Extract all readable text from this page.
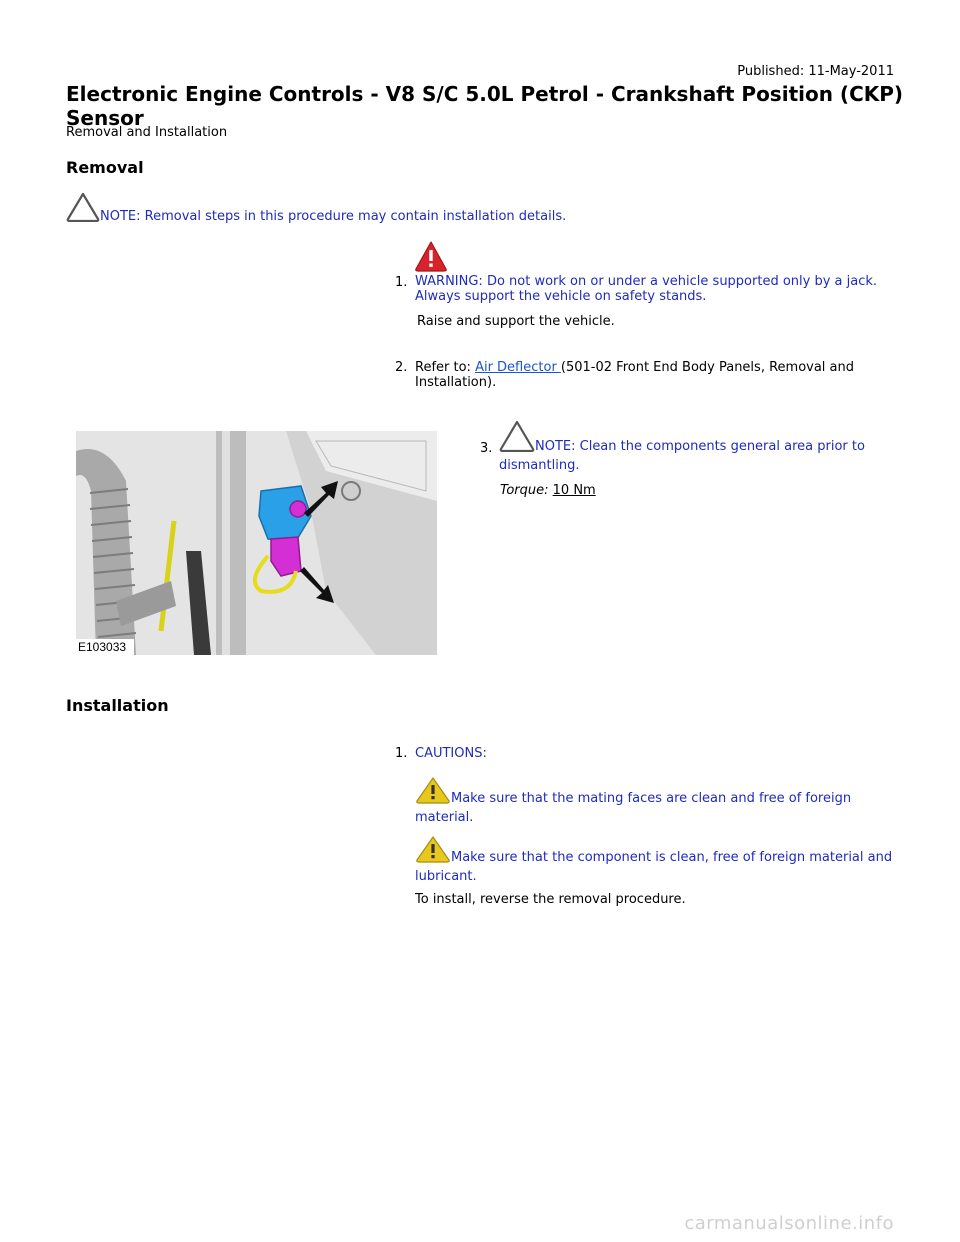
Published: 11-May-2011
Electronic Engine Controls - V8 S/C 5.0L Petrol - Crankshaft Position (CKP) Sensor
Removal and Installation
Removal
NOTE: Removal steps in this procedure may contain installation details.
1. WARNING: Do not work on or under a vehicle supported only by a jack. Always support the vehicle on safety stands.
Raise and support the vehicle.
2. Refer to: Air Deflector (501-02 Front End Body Panels, Removal and Installation).
E103033
3.	NOTE: Clean the components general area prior to dismantling.
Torque: 10 Nm
Installation
1. CAUTIONS:
Make sure that the mating faces are clean and free of foreign material.
Make sure that the component is clean, free of foreign material and lubricant.
To install, reverse the removal procedure.
carmanualsonline.info
